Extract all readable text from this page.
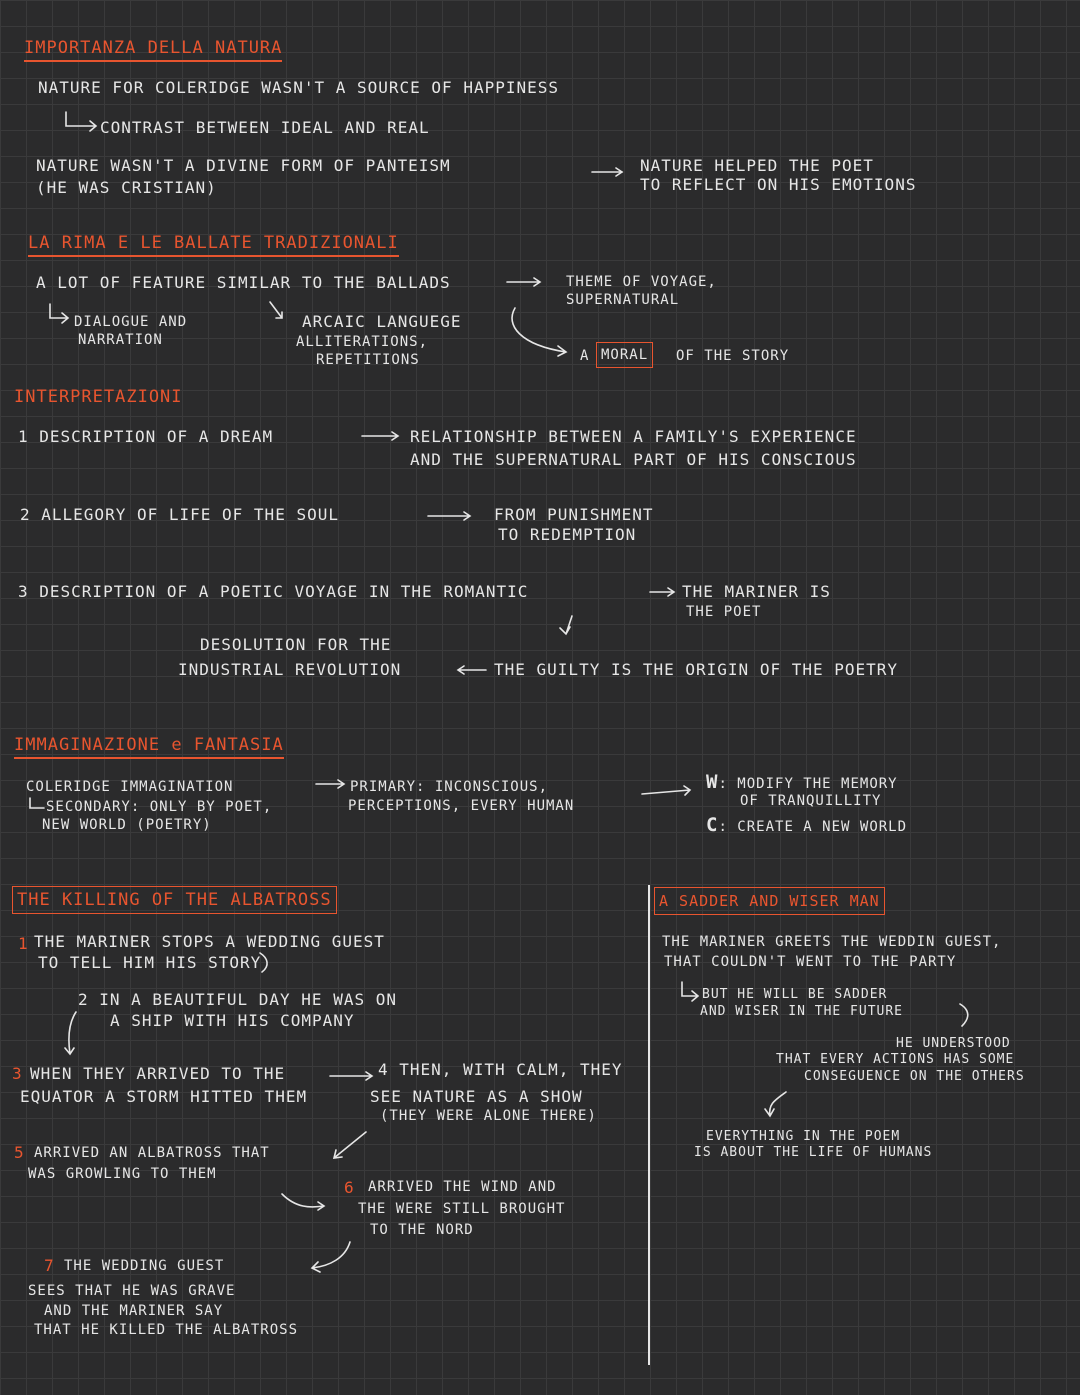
IMPORTANZA DELLA NATURA
NATURE FOR COLERIDGE WASN'T A SOURCE OF HAPPINESS
CONTRAST BETWEEN IDEAL AND REAL
NATURE WASN'T A DIVINE FORM OF PANTEISM
(HE WAS CRISTIAN)
NATURE HELPED THE POET
TO REFLECT ON HIS EMOTIONS
LA RIMA E LE BALLATE TRADIZIONALI
A LOT OF FEATURE SIMILAR TO THE BALLADS
DIALOGUE AND
NARRATION
ARCAIC LANGUEGE
ALLITERATIONS,
REPETITIONS
THEME OF VOYAGE,
SUPERNATURAL
A MORAL	OF THE STORY
INTERPRETAZIONI
1 DESCRIPTION OF A DREAM	RELATIONSHIP BETWEEN A FAMILY'S EXPERIENCE
AND THE SUPERNATURAL PART OF HIS CONSCIOUS
2 ALLEGORY OF LIFE OF THE SOUL	FROM PUNISHMENT
TO REDEMPTION
3 DESCRIPTION OF A POETIC VOYAGE IN THE ROMANTIC	THE MARINER IS
THE POET
DESOLUTION FOR THE
INDUSTRIAL REVOLUTION	THE GUILTY IS THE ORIGIN OF THE POETRY
IMMAGINAZIONE e FANTASIA
COLERIDGE IMMAGINATION
SECONDARY: ONLY BY POET,
NEW WORLD (POETRY)
PRIMARY: INCONSCIOUS,
PERCEPTIONS, EVERY HUMAN
W: MODIFY THE MEMORY
OF TRANQUILLITY
C: CREATE A NEW WORLD
THE KILLING OF THE ALBATROSS
1 THE MARINER STOPS A WEDDING GUEST
TO TELL HIM HIS STORY
2 IN A BEAUTIFUL DAY HE WAS ON
A SHIP WITH HIS COMPANY
3 WHEN THEY ARRIVED TO THE
EQUATOR A STORM HITTED THEM
4 THEN, WITH CALM, THEY
SEE NATURE AS A SHOW
(THEY WERE ALONE THERE)
5 ARRIVED AN ALBATROSS THAT
WAS GROWLING TO THEM
6 ARRIVED THE WIND AND
THE WERE STILL BROUGHT
TO THE NORD
7 THE WEDDING GUEST
SEES THAT HE WAS GRAVE
AND THE MARINER SAY
THAT HE KILLED THE ALBATROSS
A SADDER AND WISER MAN
THE MARINER GREETS THE WEDDIN GUEST,
THAT COULDN'T WENT TO THE PARTY
BUT HE WILL BE SADDER
AND WISER IN THE FUTURE
HE UNDERSTOOD
THAT EVERY ACTIONS HAS SOME
CONSEGUENCE ON THE OTHERS
EVERYTHING IN THE POEM
IS ABOUT THE LIFE OF HUMANS
